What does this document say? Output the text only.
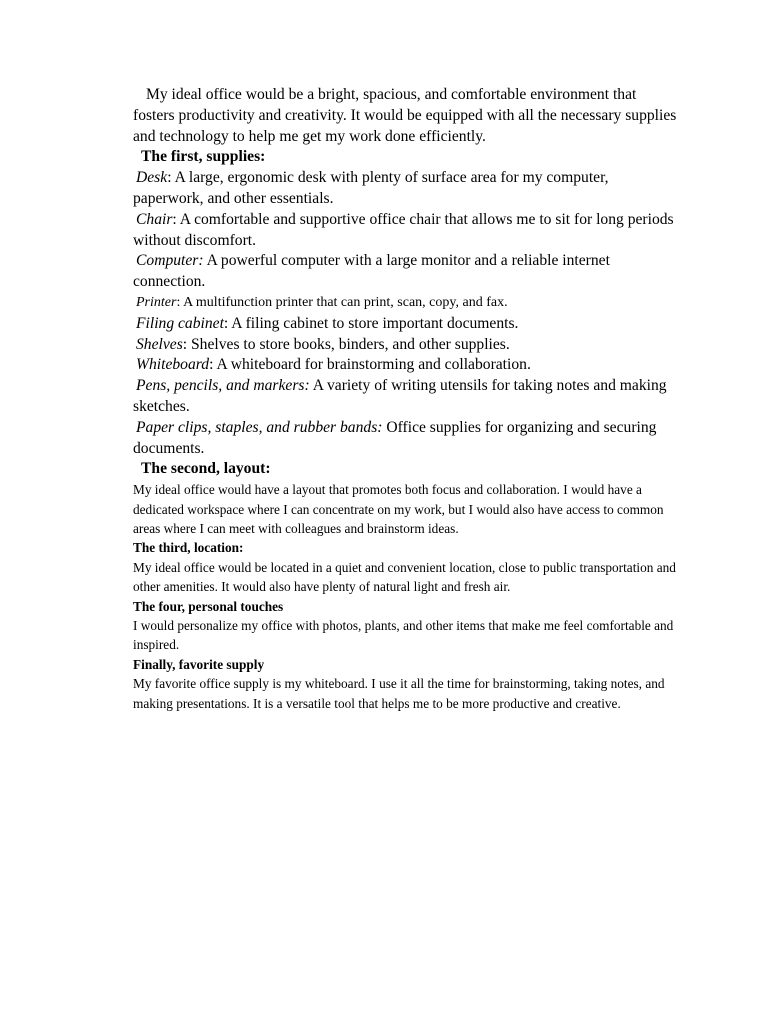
My ideal office would be a bright, spacious, and comfortable environment that fosters productivity and creativity. It would be equipped with all the necessary supplies and technology to help me get my work done efficiently.

The first, supplies:

Desk: A large, ergonomic desk with plenty of surface area for my computer, paperwork, and other essentials.

Chair: A comfortable and supportive office chair that allows me to sit for long periods without discomfort.

Computer: A powerful computer with a large monitor and a reliable internet connection.

Printer: A multifunction printer that can print, scan, copy, and fax.

Filing cabinet: A filing cabinet to store important documents.

Shelves: Shelves to store books, binders, and other supplies.

Whiteboard: A whiteboard for brainstorming and collaboration.

Pens, pencils, and markers: A variety of writing utensils for taking notes and making sketches.

Paper clips, staples, and rubber bands: Office supplies for organizing and securing documents.

The second, layout:

My ideal office would have a layout that promotes both focus and collaboration. I would have a dedicated workspace where I can concentrate on my work, but I would also have access to common areas where I can meet with colleagues and brainstorm ideas.

The third, location:

My ideal office would be located in a quiet and convenient location, close to public transportation and other amenities. It would also have plenty of natural light and fresh air.

The four, personal touches

I would personalize my office with photos, plants, and other items that make me feel comfortable and inspired.

Finally, favorite supply

My favorite office supply is my whiteboard. I use it all the time for brainstorming, taking notes, and making presentations. It is a versatile tool that helps me to be more productive and creative.
